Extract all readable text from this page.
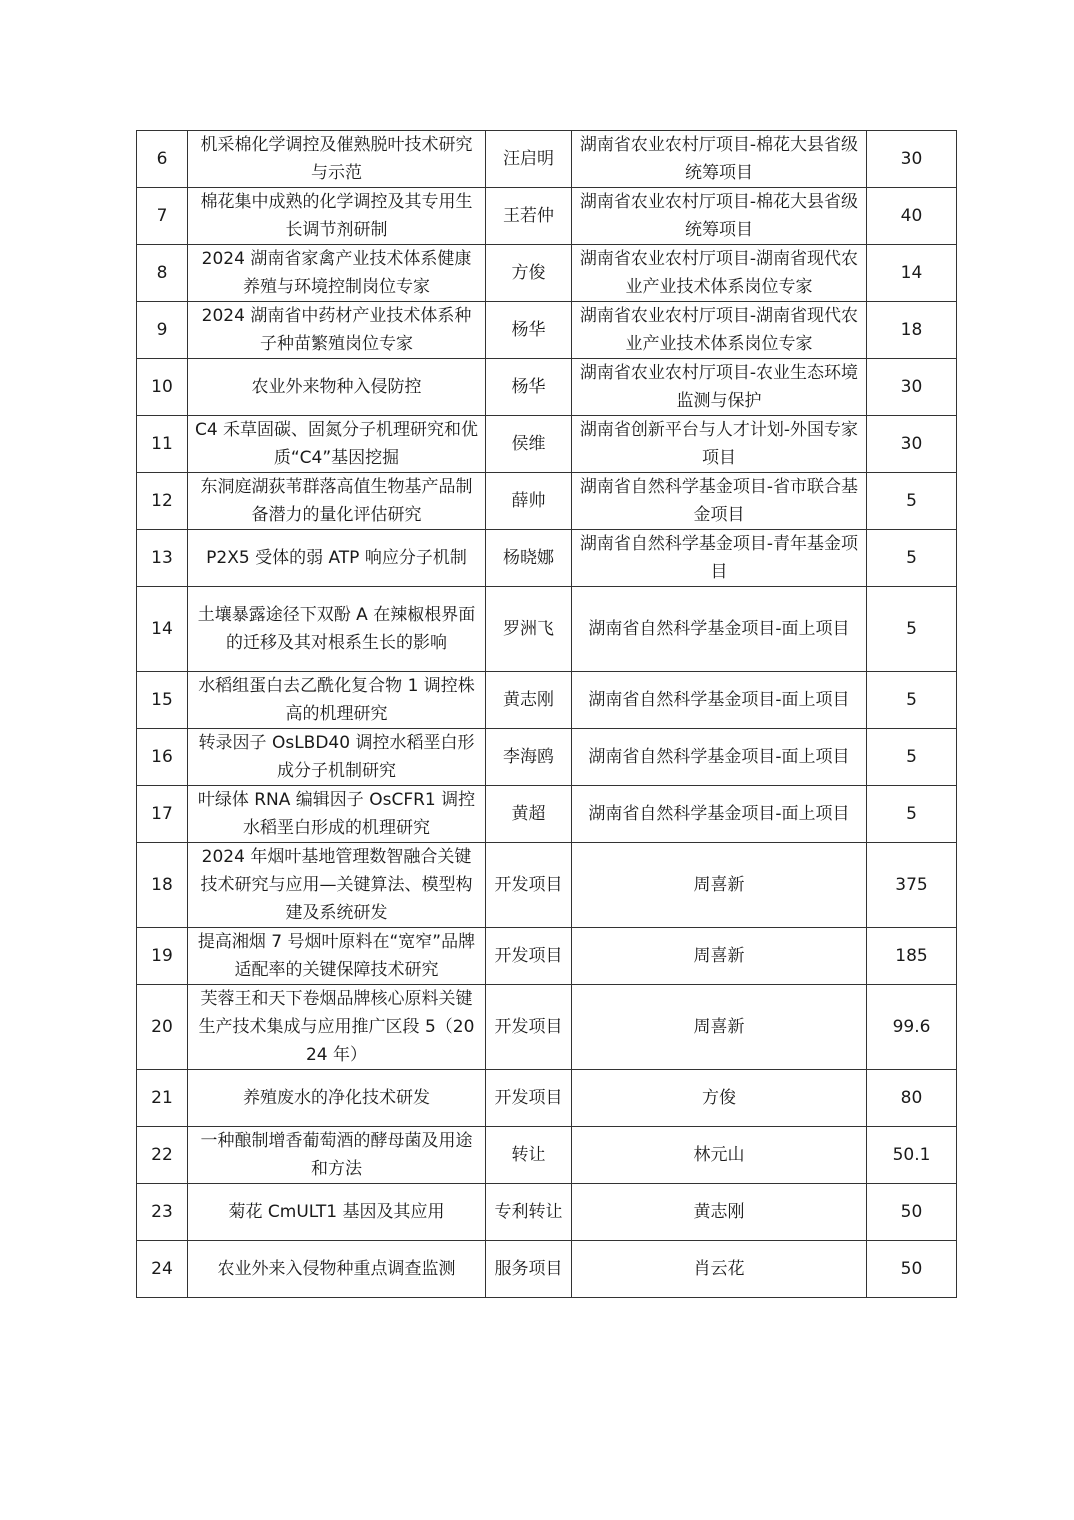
6	机采棉化学调控及催熟脱叶技术研究与示范	汪启明	湖南省农业农村厅项目-棉花大县省级统筹项目	30
7	棉花集中成熟的化学调控及其专用生长调节剂研制	王若仲	湖南省农业农村厅项目-棉花大县省级统筹项目	40
8	2024 湖南省家禽产业技术体系健康养殖与环境控制岗位专家	方俊	湖南省农业农村厅项目-湖南省现代农业产业技术体系岗位专家	14
9	2024 湖南省中药材产业技术体系种子种苗繁殖岗位专家	杨华	湖南省农业农村厅项目-湖南省现代农业产业技术体系岗位专家	18
10	农业外来物种入侵防控	杨华	湖南省农业农村厅项目-农业生态环境监测与保护	30
11	C4 禾草固碳、固氮分子机理研究和优质“C4”基因挖掘	侯维	湖南省创新平台与人才计划-外国专家项目	30
12	东洞庭湖荻苇群落高值生物基产品制备潜力的量化评估研究	薛帅	湖南省自然科学基金项目-省市联合基金项目	5
13	P2X5 受体的弱 ATP 响应分子机制	杨晓娜	湖南省自然科学基金项目-青年基金项目	5
14	土壤暴露途径下双酚 A 在辣椒根界面的迁移及其对根系生长的影响	罗洲飞	湖南省自然科学基金项目-面上项目	5
15	水稻组蛋白去乙酰化复合物 1 调控株高的机理研究	黄志刚	湖南省自然科学基金项目-面上项目	5
16	转录因子 OsLBD40 调控水稻垩白形成分子机制研究	李海鸥	湖南省自然科学基金项目-面上项目	5
17	叶绿体 RNA 编辑因子 OsCFR1 调控水稻垩白形成的机理研究	黄超	湖南省自然科学基金项目-面上项目	5
18	2024 年烟叶基地管理数智融合关键技术研究与应用—关键算法、模型构建及系统研发	开发项目	周喜新	375
19	提高湘烟 7 号烟叶原料在“宽窄”品牌适配率的关键保障技术研究	开发项目	周喜新	185
20	芙蓉王和天下卷烟品牌核心原料关键生产技术集成与应用推广区段 5（2024 年）	开发项目	周喜新	99.6
21	养殖废水的净化技术研发	开发项目	方俊	80
22	一种酿制增香葡萄酒的酵母菌及用途和方法	转让	林元山	50.1
23	菊花 CmULT1 基因及其应用	专利转让	黄志刚	50
24	农业外来入侵物种重点调查监测	服务项目	肖云花	50
